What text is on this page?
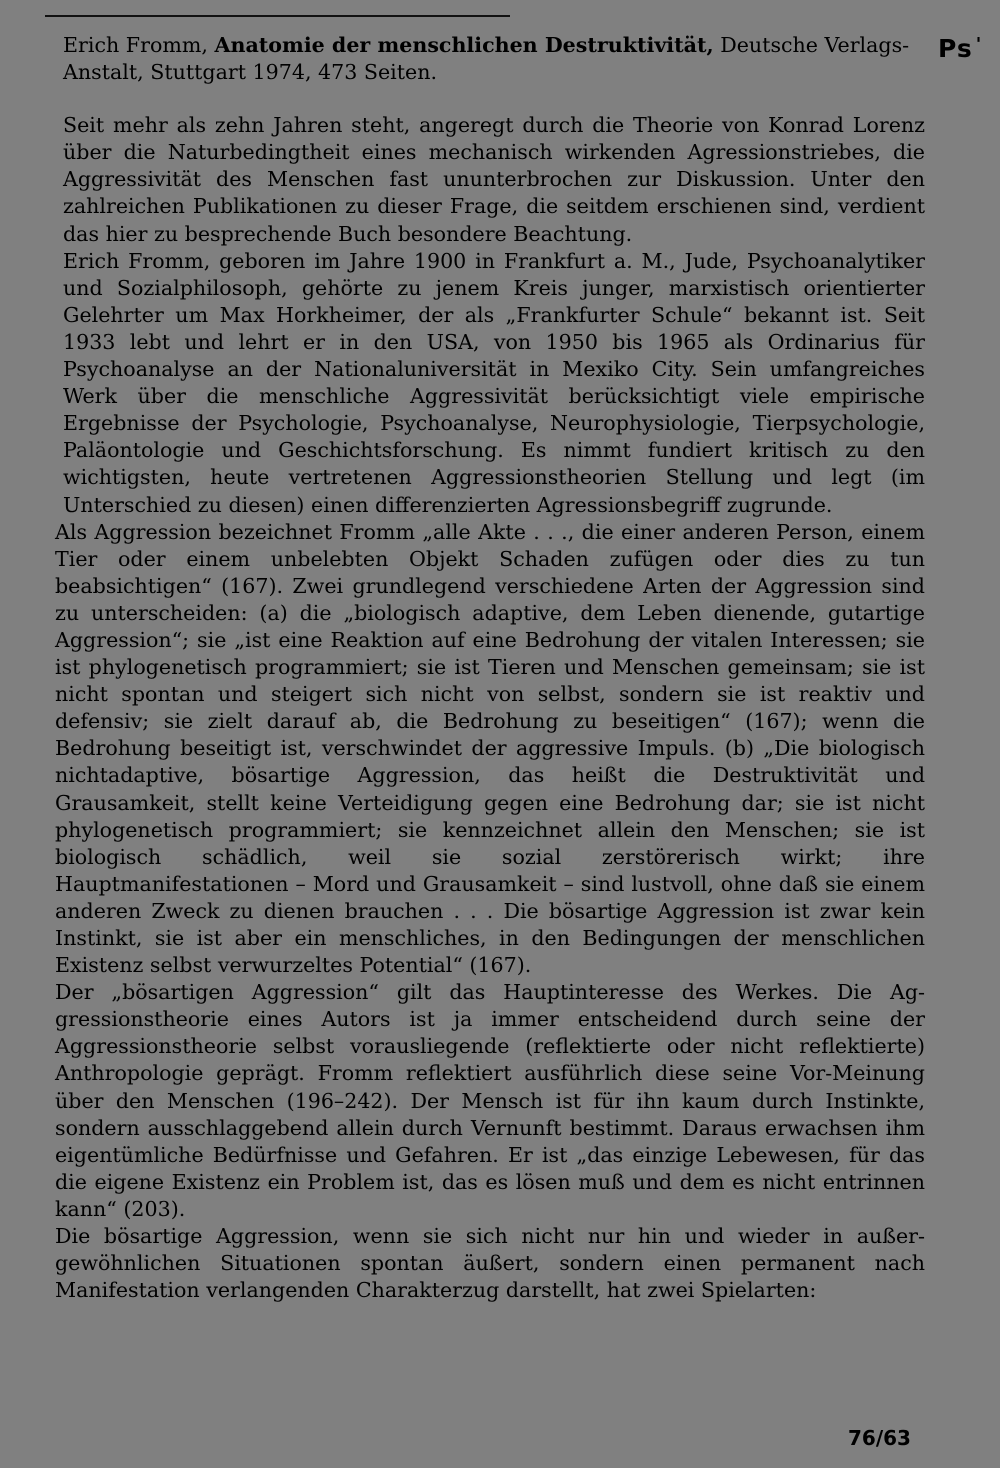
Ps '

Erich Fromm, Anatomie der menschlichen Destruktivität, Deutsche Verlags-Anstalt, Stuttgart 1974, 473 Seiten.

Seit mehr als zehn Jahren steht, angeregt durch die Theorie von Konrad Lorenz über die Naturbedingtheit eines mechanisch wirkenden Agressionstriebes, die Aggressivität des Menschen fast ununterbrochen zur Diskussion. Unter den zahlreichen Publikationen zu dieser Frage, die seitdem erschienen sind, verdient das hier zu besprechende Buch besondere Beachtung.

Erich Fromm, geboren im Jahre 1900 in Frankfurt a. M., Jude, Psychoanalytiker und Sozialphilosoph, gehörte zu jenem Kreis junger, marxistisch orientierter Gelehrter um Max Horkheimer, der als „Frankfurter Schule“ bekannt ist. Seit 1933 lebt und lehrt er in den USA, von 1950 bis 1965 als Ordinarius für Psychoanalyse an der Nationaluniversität in Mexiko City. Sein umfangreiches Werk über die menschliche Aggressivität berücksichtigt viele empirische Ergebnisse der Psychologie, Psychoanalyse, Neurophysiologie, Tierpsychologie, Paläontologie und Geschichtsforschung. Es nimmt fundiert kritisch zu den wichtigsten, heute vertretenen Aggressionstheorien Stellung und legt (im Unterschied zu diesen) einen differenzierten Agressionsbegriff zugrunde.

Als Aggression bezeichnet Fromm „alle Akte . . ., die einer anderen Person, einem Tier oder einem unbelebten Objekt Schaden zufügen oder dies zu tun beabsichtigen“ (167). Zwei grundlegend verschiedene Arten der Aggression sind zu unterscheiden: (a) die „biologisch adaptive, dem Leben dienende, gutartige Aggression“; sie „ist eine Reaktion auf eine Bedrohung der vitalen Interessen; sie ist phylogenetisch programmiert; sie ist Tieren und Menschen gemeinsam; sie ist nicht spontan und steigert sich nicht von selbst, sondern sie ist reaktiv und defensiv; sie zielt darauf ab, die Bedrohung zu beseitigen“ (167); wenn die Bedrohung beseitigt ist, verschwindet der aggressive Impuls. (b) „Die biologisch nichtadaptive, bösartige Aggression, das heißt die Destruktivität und Grausamkeit, stellt keine Verteidigung gegen eine Bedrohung dar; sie ist nicht phylogenetisch programmiert; sie kennzeichnet allein den Menschen; sie ist biologisch schädlich, weil sie sozial zerstörerisch wirkt; ihre Hauptmanifestationen – Mord und Grausamkeit – sind lustvoll, ohne daß sie einem anderen Zweck zu dienen brauchen . . . Die bösartige Aggression ist zwar kein Instinkt, sie ist aber ein menschliches, in den Bedingungen der menschlichen Existenz selbst verwurzeltes Potential“ (167).

Der „bösartigen Aggression“ gilt das Hauptinteresse des Werkes. Die Aggressionstheorie eines Autors ist ja immer entscheidend durch seine der Aggressionstheorie selbst vorausliegende (reflektierte oder nicht reflektierte) Anthropologie geprägt. Fromm reflektiert ausführlich diese seine Vor-Meinung über den Menschen (196–242). Der Mensch ist für ihn kaum durch Instinkte, sondern ausschlaggebend allein durch Vernunft bestimmt. Daraus erwachsen ihm eigentümliche Bedürfnisse und Gefahren. Er ist „das einzige Lebewesen, für das die eigene Existenz ein Problem ist, das es lösen muß und dem es nicht entrinnen kann“ (203).

Die bösartige Aggression, wenn sie sich nicht nur hin und wieder in außergewöhnlichen Situationen spontan äußert, sondern einen permanent nach Manifestation verlangenden Charakterzug darstellt, hat zwei Spielarten:

76/63
